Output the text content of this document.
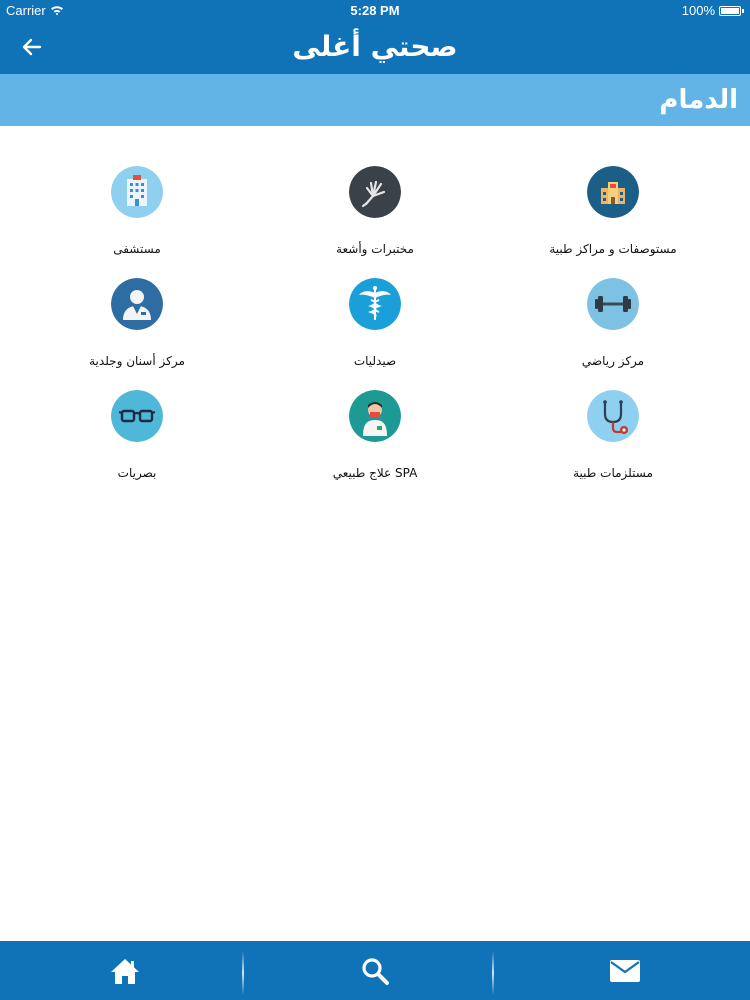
Carrier	5:28 PM	100%
صحتي أغلى
الدمام
مستوصفات و مراكز طبية
مختبرات وأشعة
مستشفى
مركز رياضي
صيدليات
مركز أسنان وجلدية
مستلزمات طبية
SPA علاج طبيعي
بصريات
